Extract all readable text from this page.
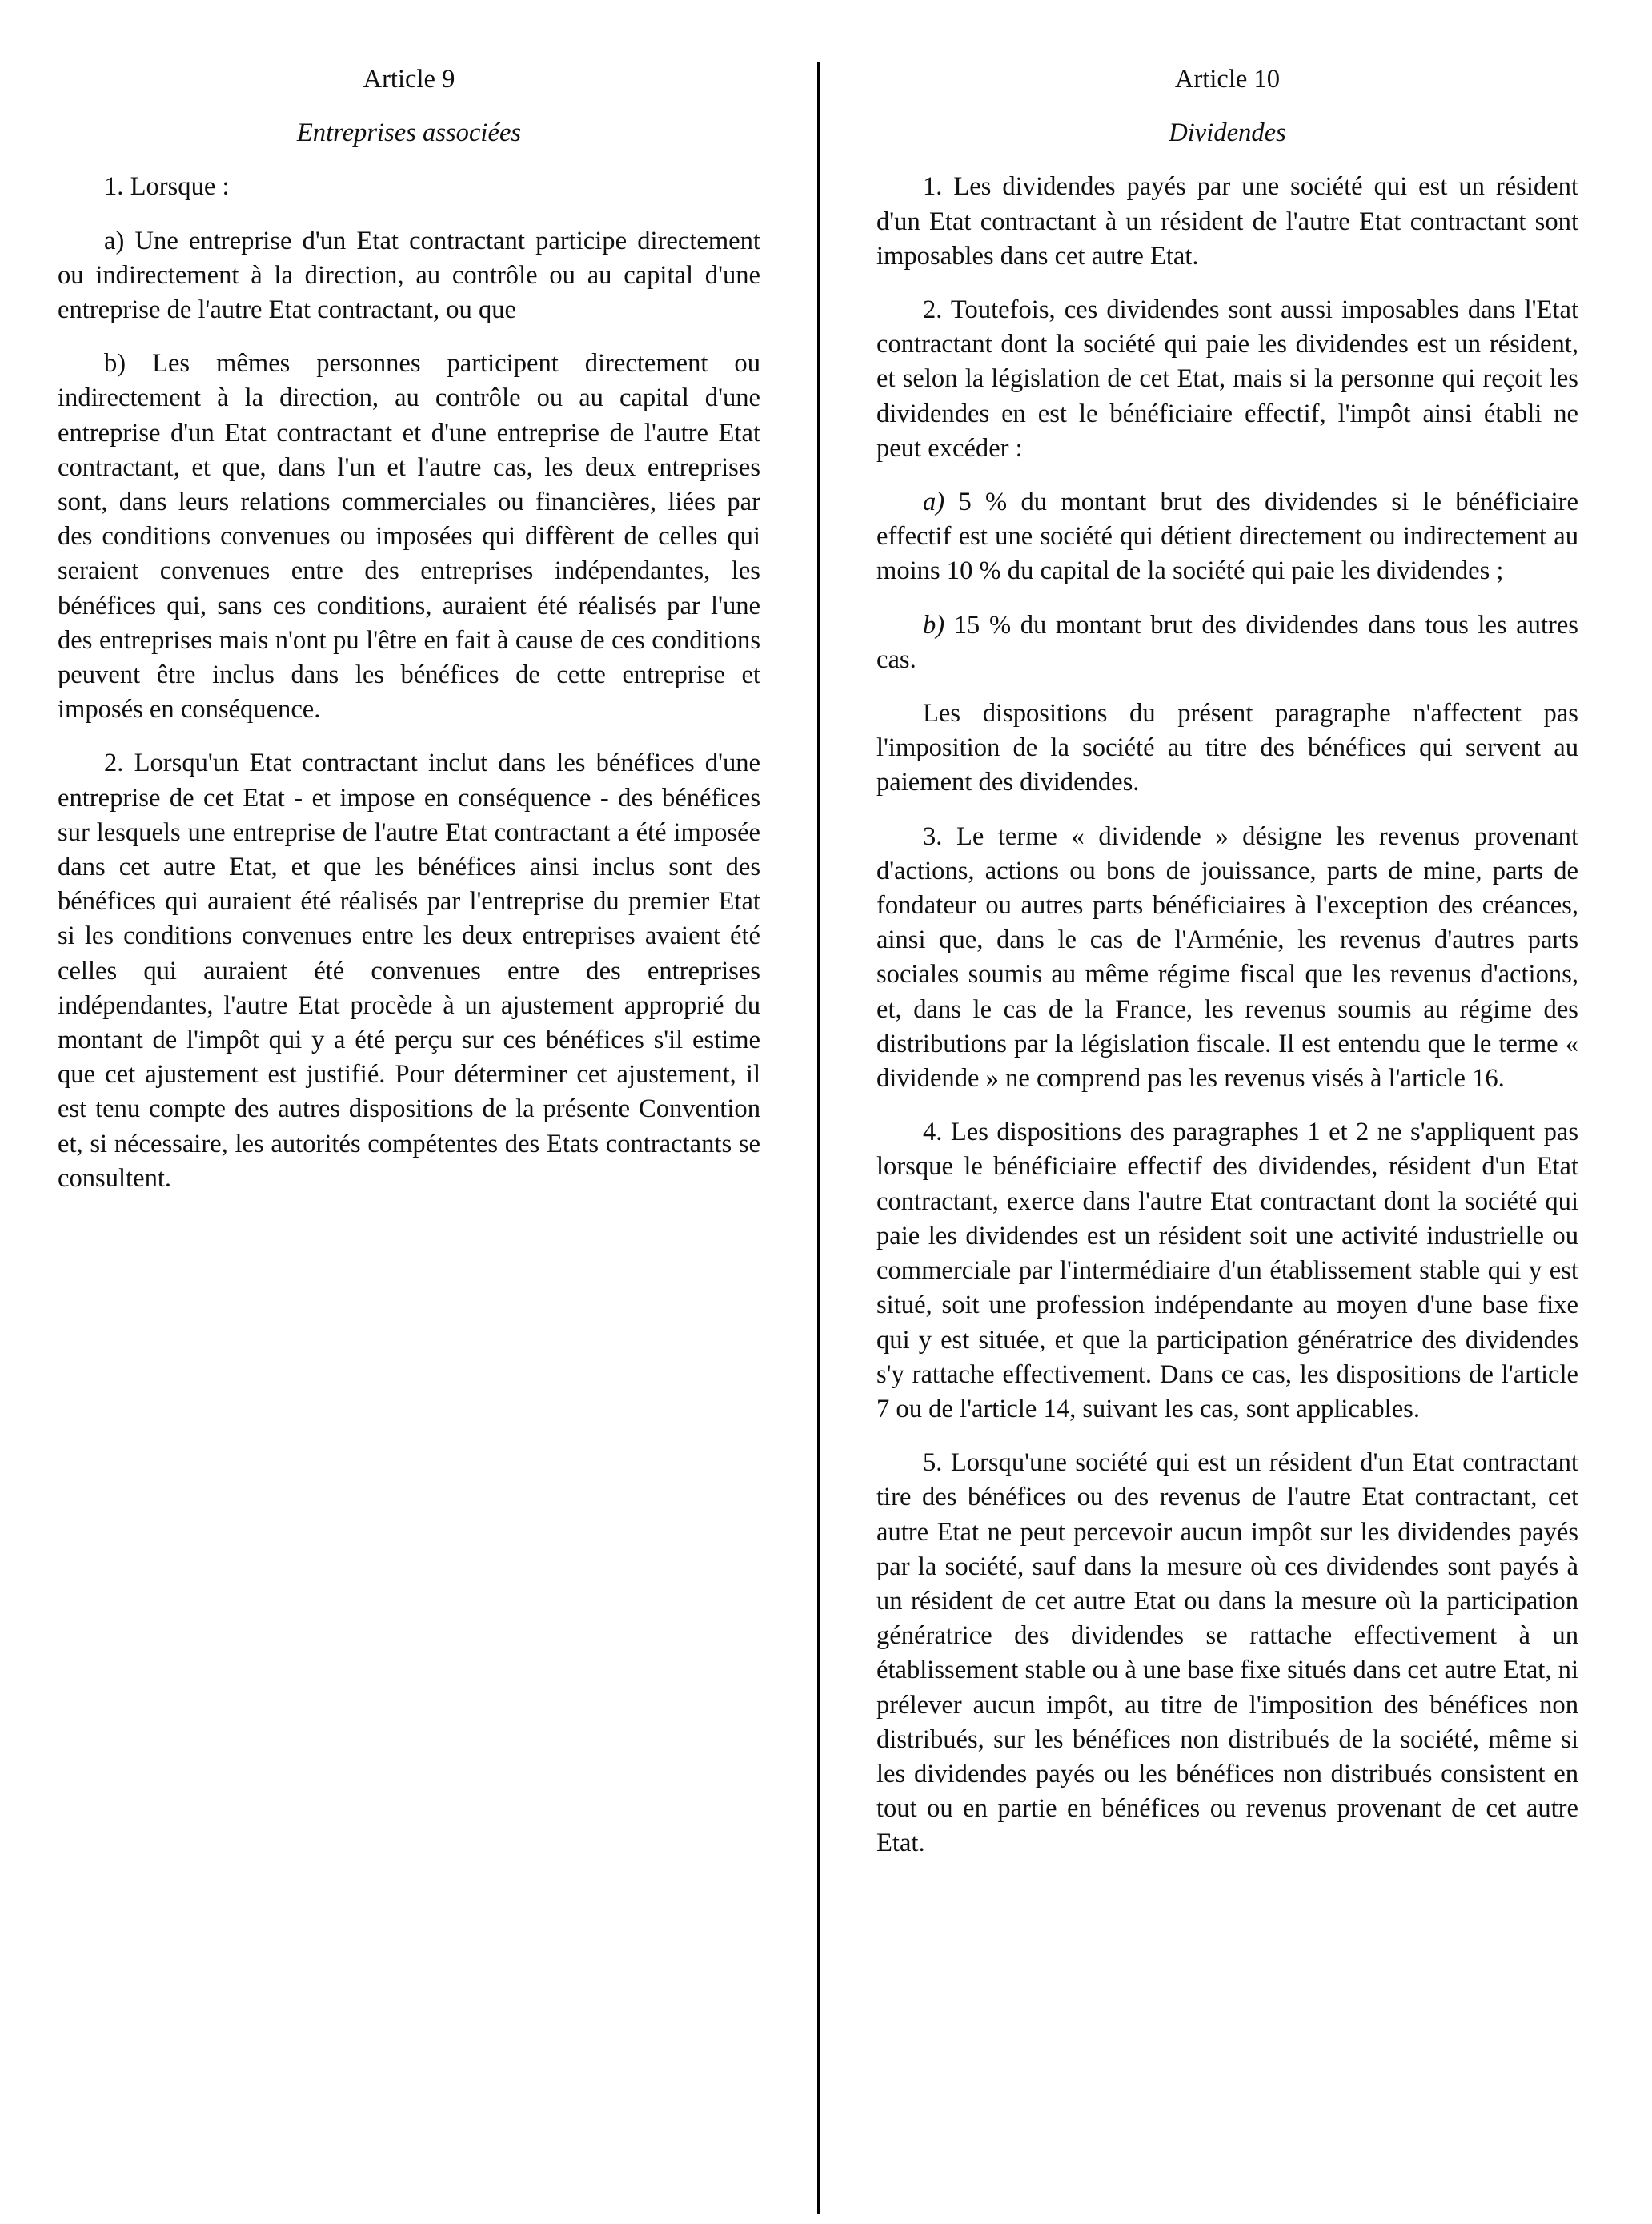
Article 9
Entreprises associées

1. Lorsque :

a) Une entreprise d'un Etat contractant participe directement ou indirectement à la direction, au contrôle ou au capital d'une entreprise de l'autre Etat contractant, ou que

b) Les mêmes personnes participent directement ou indirectement à la direction, au contrôle ou au capital d'une entreprise d'un Etat contractant et d'une entreprise de l'autre Etat contractant, et que, dans l'un et l'autre cas, les deux entreprises sont, dans leurs relations commerciales ou financières, liées par des conditions convenues ou imposées qui diffèrent de celles qui seraient convenues entre des entreprises indépendantes, les bénéfices qui, sans ces conditions, auraient été réalisés par l'une des entreprises mais n'ont pu l'être en fait à cause de ces conditions peuvent être inclus dans les bénéfices de cette entreprise et imposés en conséquence.

2. Lorsqu'un Etat contractant inclut dans les bénéfices d'une entreprise de cet Etat - et impose en conséquence - des bénéfices sur lesquels une entreprise de l'autre Etat contractant a été imposée dans cet autre Etat, et que les bénéfices ainsi inclus sont des bénéfices qui auraient été réalisés par l'entreprise du premier Etat si les conditions convenues entre les deux entreprises avaient été celles qui auraient été convenues entre des entreprises indépendantes, l'autre Etat procède à un ajustement approprié du montant de l'impôt qui y a été perçu sur ces bénéfices s'il estime que cet ajustement est justifié. Pour déterminer cet ajustement, il est tenu compte des autres dispositions de la présente Convention et, si nécessaire, les autorités compétentes des Etats contractants se consultent.

Article 10
Dividendes

1. Les dividendes payés par une société qui est un résident d'un Etat contractant à un résident de l'autre Etat contractant sont imposables dans cet autre Etat.

2. Toutefois, ces dividendes sont aussi imposables dans l'Etat contractant dont la société qui paie les dividendes est un résident, et selon la législation de cet Etat, mais si la personne qui reçoit les dividendes en est le bénéficiaire effectif, l'impôt ainsi établi ne peut excéder :

a) 5 % du montant brut des dividendes si le bénéficiaire effectif est une société qui détient directement ou indirectement au moins 10 % du capital de la société qui paie les dividendes ;

b) 15 % du montant brut des dividendes dans tous les autres cas.

Les dispositions du présent paragraphe n'affectent pas l'imposition de la société au titre des bénéfices qui servent au paiement des dividendes.

3. Le terme « dividende » désigne les revenus provenant d'actions, actions ou bons de jouissance, parts de mine, parts de fondateur ou autres parts bénéficiaires à l'exception des créances, ainsi que, dans le cas de l'Arménie, les revenus d'autres parts sociales soumis au même régime fiscal que les revenus d'actions, et, dans le cas de la France, les revenus soumis au régime des distributions par la législation fiscale. Il est entendu que le terme « dividende » ne comprend pas les revenus visés à l'article 16.

4. Les dispositions des paragraphes 1 et 2 ne s'appliquent pas lorsque le bénéficiaire effectif des dividendes, résident d'un Etat contractant, exerce dans l'autre Etat contractant dont la société qui paie les dividendes est un résident soit une activité industrielle ou commerciale par l'intermédiaire d'un établissement stable qui y est situé, soit une profession indépendante au moyen d'une base fixe qui y est située, et que la participation génératrice des dividendes s'y rattache effectivement. Dans ce cas, les dispositions de l'article 7 ou de l'article 14, suivant les cas, sont applicables.

5. Lorsqu'une société qui est un résident d'un Etat contractant tire des bénéfices ou des revenus de l'autre Etat contractant, cet autre Etat ne peut percevoir aucun impôt sur les dividendes payés par la société, sauf dans la mesure où ces dividendes sont payés à un résident de cet autre Etat ou dans la mesure où la participation génératrice des dividendes se rattache effectivement à un établissement stable ou à une base fixe situés dans cet autre Etat, ni prélever aucun impôt, au titre de l'imposition des bénéfices non distribués, sur les bénéfices non distribués de la société, même si les dividendes payés ou les bénéfices non distribués consistent en tout ou en partie en bénéfices ou revenus provenant de cet autre Etat.
